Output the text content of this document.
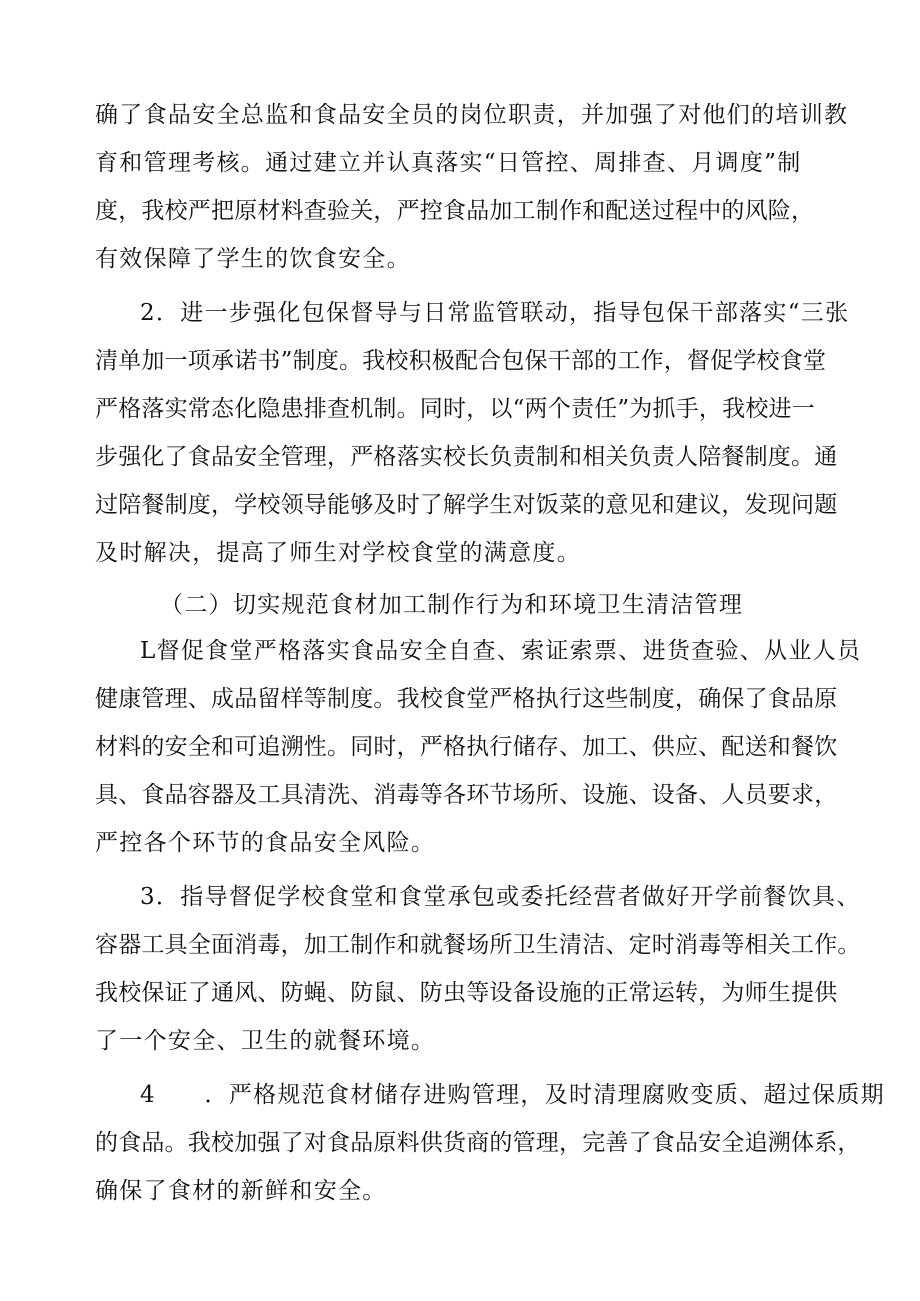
确了食品安全总监和食品安全员的岗位职责，并加强了对他们的培训教
育和管理考核。通过建立并认真落实“日管控、周排查、月调度”制
度，我校严把原材料查验关，严控食品加工制作和配送过程中的风险，
有效保障了学生的饮食安全。
2．进一步强化包保督导与日常监管联动，指导包保干部落实“三张
清单加一项承诺书”制度。我校积极配合包保干部的工作，督促学校食堂
严格落实常态化隐患排查机制。同时，以“两个责任”为抓手，我校进一
步强化了食品安全管理，严格落实校长负责制和相关负责人陪餐制度。通
过陪餐制度，学校领导能够及时了解学生对饭菜的意见和建议，发现问题
及时解决，提高了师生对学校食堂的满意度。
（二）切实规范食材加工制作行为和环境卫生清洁管理
L督促食堂严格落实食品安全自查、索证索票、进货查验、从业人员
健康管理、成品留样等制度。我校食堂严格执行这些制度，确保了食品原
材料的安全和可追溯性。同时，严格执行储存、加工、供应、配送和餐饮
具、食品容器及工具清洗、消毒等各环节场所、设施、设备、人员要求，
严控各个环节的食品安全风险。
3．指导督促学校食堂和食堂承包或委托经营者做好开学前餐饮具、
容器工具全面消毒，加工制作和就餐场所卫生清洁、定时消毒等相关工作。
我校保证了通风、防蝇、防鼠、防虫等设备设施的正常运转，为师生提供
了一个安全、卫生的就餐环境。
4　　．严格规范食材储存进购管理，及时清理腐败变质、超过保质期
的食品。我校加强了对食品原料供货商的管理，完善了食品安全追溯体系，
确保了食材的新鲜和安全。
